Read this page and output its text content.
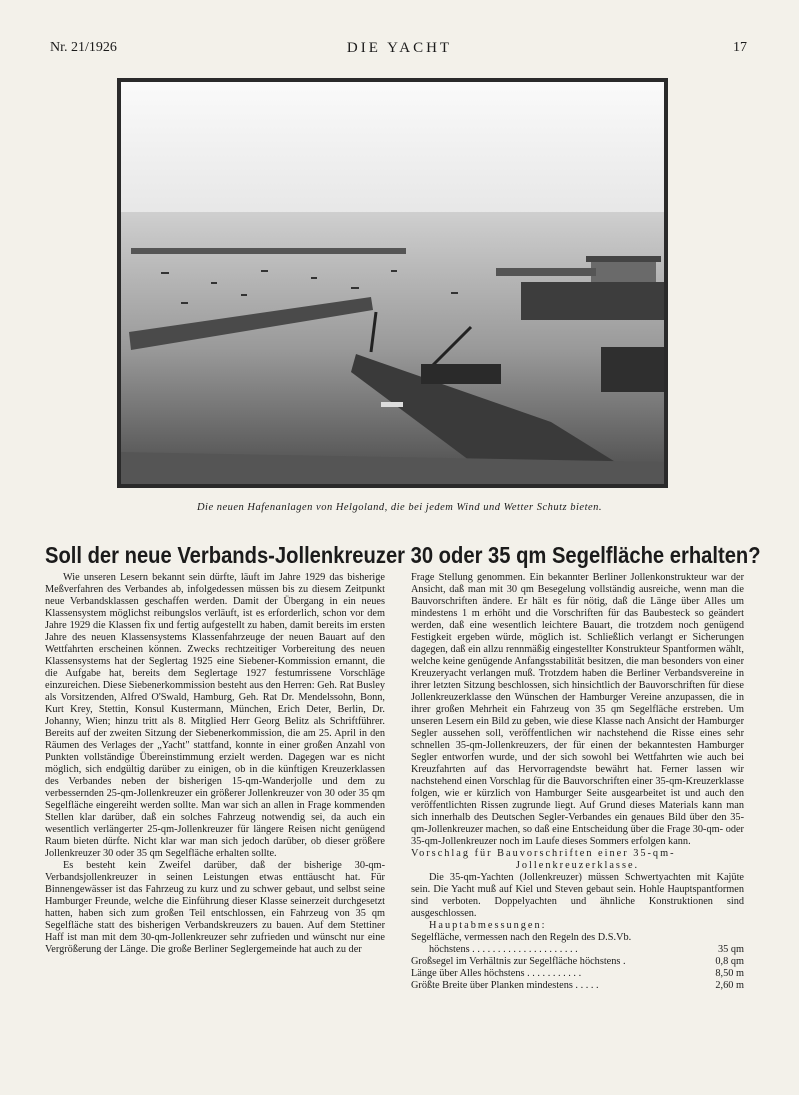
Nr. 21/1926	DIE YACHT	17
Die neuen Hafenanlagen von Helgoland, die bei jedem Wind und Wetter Schutz bieten.
Soll der neue Verbands-Jollenkreuzer 30 oder 35 qm Segelfläche erhalten?

Wie unseren Lesern bekannt sein dürfte, läuft im Jahre 1929 das bisherige Meßverfahren des Verbandes ab, infolgedessen müssen bis zu diesem Zeitpunkt neue Verbandsklassen geschaffen werden. Damit der Übergang in ein neues Klassensystem möglichst reibungslos verläuft, ist es erforderlich, schon vor dem Jahre 1929 die Klassen fix und fertig aufgestellt zu haben, damit bereits im ersten Jahre des neuen Klassensystems Klassenfahrzeuge der neuen Bauart auf den Wettfahrten erscheinen können. Zwecks rechtzeitiger Vorbereitung des neuen Klassensystems hat der Seglertag 1925 eine Siebener-Kommission ernannt, die die Aufgabe hat, bereits dem Seglertage 1927 festumrissene Vorschläge einzureichen. Diese Siebenerkommission besteht aus den Herren: Geh. Rat Busley als Vorsitzenden, Alfred O'Swald, Hamburg, Geh. Rat Dr. Mendelssohn, Bonn, Kurt Krey, Stettin, Konsul Kustermann, München, Erich Deter, Berlin, Dr. Johanny, Wien; hinzu tritt als 8. Mitglied Herr Georg Belitz als Schriftführer. Bereits auf der zweiten Sitzung der Siebenerkommission, die am 25. April in den Räumen des Verlages der „Yacht" stattfand, konnte in einer großen Anzahl von Punkten vollständige Übereinstimmung erzielt werden. Dagegen war es nicht möglich, sich endgültig darüber zu einigen, ob in die künftigen Kreuzerklassen des Verbandes neben der bisherigen 15-qm-Wanderjolle und dem zu verbessernden 25-qm-Jollenkreuzer ein größerer Jollenkreuzer von 30 oder 35 qm Segelfläche eingereiht werden sollte. Man war sich an allen in Frage kommenden Stellen klar darüber, daß ein solches Fahrzeug notwendig sei, da auch ein wesentlich verlängerter 25-qm-Jollenkreuzer für längere Reisen nicht genügend Raum bieten dürfte. Nicht klar war man sich jedoch darüber, ob dieser größere Jollenkreuzer 30 oder 35 qm Segelfläche erhalten sollte.

Es besteht kein Zweifel darüber, daß der bisherige 30-qm-Verbandsjollenkreuzer in seinen Leistungen etwas enttäuscht hat. Für Binnengewässer ist das Fahrzeug zu kurz und zu schwer gebaut, und selbst seine Hamburger Freunde, welche die Einführung dieser Klasse seinerzeit durchgesetzt hatten, haben sich zum großen Teil entschlossen, ein Fahrzeug von 35 qm Segelfläche statt des bisherigen Verbandskreuzers zu bauen. Auf dem Stettiner Haff ist man mit dem 30-qm-Jollenkreuzer sehr zufrieden und wünscht nur eine Vergrößerung der Länge. Die große Berliner Seglergemeinde hat auch zu der

Frage Stellung genommen. Ein bekannter Berliner Jollenkonstrukteur war der Ansicht, daß man mit 30 qm Besegelung vollständig ausreiche, wenn man die Bauvorschriften ändere. Er hält es für nötig, daß die Länge über Alles um mindestens 1 m erhöht und die Vorschriften für das Baubesteck so geändert werden, daß eine wesentlich leichtere Bauart, die trotzdem noch genügend Festigkeit ergeben würde, möglich ist. Schließlich verlangt er Sicherungen dagegen, daß ein allzu rennmäßig eingestellter Konstrukteur Spantformen wählt, welche keine genügende Anfangsstabilität besitzen, die man besonders von einer Kreuzeryacht verlangen muß. Trotzdem haben die Berliner Verbandsvereine in ihrer letzten Sitzung beschlossen, sich hinsichtlich der Bauvorschriften für diese Jollenkreuzerklasse den Wünschen der Hamburger Vereine anzupassen, die in ihrer großen Mehrheit ein Fahrzeug von 35 qm Segelfläche erstreben. Um unseren Lesern ein Bild zu geben, wie diese Klasse nach Ansicht der Hamburger Segler aussehen soll, veröffentlichen wir nachstehend die Risse eines sehr schnellen 35-qm-Jollenkreuzers, der für einen der bekanntesten Hamburger Segler entworfen wurde, und der sich sowohl bei Wettfahrten wie auch bei Kreuzfahrten auf das Hervorragendste bewährt hat. Ferner lassen wir nachstehend einen Vorschlag für die Bauvorschriften einer 35-qm-Kreuzerklasse folgen, wie er kürzlich von Hamburger Seite ausgearbeitet ist und auch den veröffentlichten Rissen zugrunde liegt. Auf Grund dieses Materials kann man sich innerhalb des Deutschen Segler-Verbandes ein genaues Bild über den 35-qm-Jollenkreuzer machen, so daß eine Entscheidung über die Frage 30-qm- oder 35-qm-Jollenkreuzer noch im Laufe dieses Sommers erfolgen kann.

Vorschlag für Bauvorschriften einer 35-qm-

Jollenkreuzerklasse.

Die 35-qm-Yachten (Jollenkreuzer) müssen Schwertyachten mit Kajüte sein. Die Yacht muß auf Kiel und Steven gebaut sein. Hohle Hauptspantformen sind verboten. Doppelyachten und ähnliche Konstruktionen sind ausgeschlossen.

Hauptabmessungen:

Segelfläche, vermessen nach den Regeln des D.S.Vb.

höchstens . . . . . . . . . . . . . . . . . . . . .	35 qm
Großsegel im Verhältnis zur Segelfläche höchstens .	0,8 qm
Länge über Alles höchstens . . . . . . . . . . .	8,50 m
Größte Breite über Planken mindestens . . . . .	2,60 m
